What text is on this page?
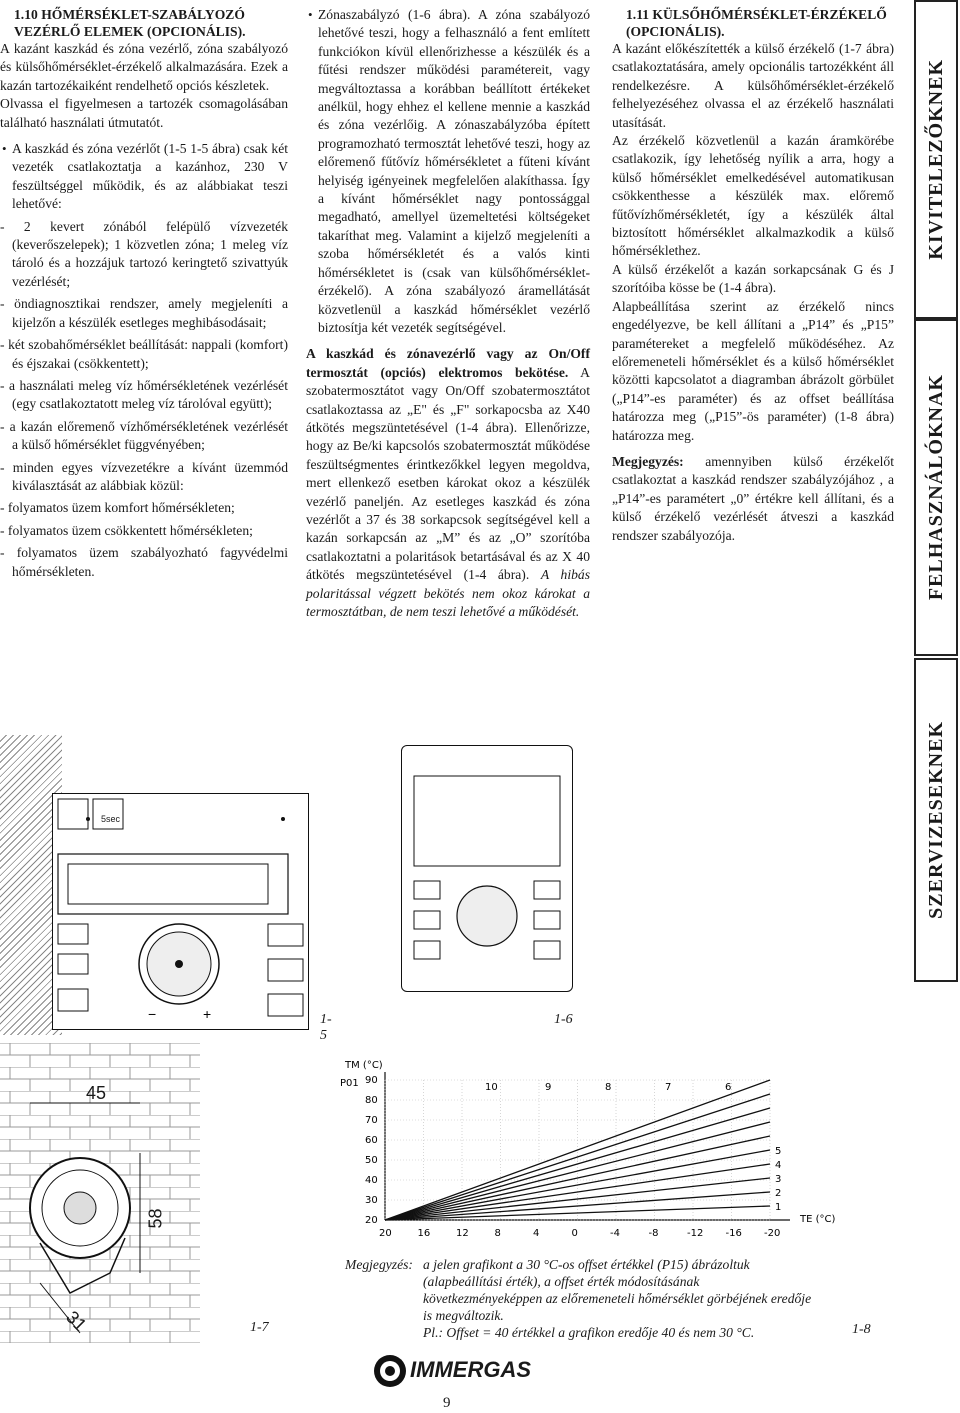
1.10 HŐMÉRSÉKLET-SZABÁLYOZÓ VEZÉRLŐ ELEMEK (OPCIONÁLIS).

A kazánt kaszkád és zóna vezérlő, zóna szabályozó és külsőhőmérséklet-érzékelő alkalmazására. Ezek a kazán tartozékaiként rendelhető opciós készletek.

Olvassa el figyelmesen a tartozék csomagolásában található használati útmutatót.

• A kaszkád és zóna vezérlőt (1-5 1-5 ábra) csak két vezeték csatlakoztatja a kazánhoz, 230 V feszültséggel működik, és az alábbiakat teszi lehetővé:

- 2 kevert zónából felépülő vízvezeték (keverőszelepek); 1 közvetlen zóna; 1 meleg víz tároló és a hozzájuk tartozó keringtető szivattyúk vezérlését;

- öndiagnosztikai rendszer, amely megjeleníti a kijelzőn a készülék esetleges meghibásodásait;

- két szobahőmérséklet beállítását: nappali (komfort) és éjszakai (csökkentett);

- a használati meleg víz hőmérsékletének vezérlését (egy csatlakoztatott meleg víz tárolóval együtt);

- a kazán előremenő vízhőmérsékletének vezérlését a külső hőmérséklet függvényében;

- minden egyes vízvezetékre a kívánt üzemmód kiválasztását az alábbiak közül:

- folyamatos üzem komfort hőmérsékleten;

- folyamatos üzem csökkentett hőmérsékleten;

- folyamatos üzem szabályozható fagyvédelmi hőmérsékleten.

• Zónaszabályzó (1-6 ábra). A zóna szabályozó lehetővé teszi, hogy a felhasználó a fent említett funkciókon kívül ellenőrizhesse a készülék és a fűtési rendszer működési paramétereit, vagy megváltoztassa a korábban beállított értékeket anélkül, hogy ehhez el kellene mennie a kaszkád és zóna vezérlőig. A zónaszabályzóba épített programozható termosztát lehetővé teszi, hogy az előremenő fűtővíz hőmérsékletet a fűteni kívánt helyiség igényeinek megfelelően alakíthassa. Így a kívánt hőmérséklet nagy pontossággal megadható, amellyel üzemeltetési költségeket takaríthat meg. Valamint a kijelző megjeleníti a szoba hőmérsékletét és a valós kinti hőmérsékletet is (csak van külsőhőmérséklet-érzékelő). A zóna szabályozó áramellátását közvetlenül a kaszkád hőmérséklet vezérlő biztosítja két vezeték segítségével.

A kaszkád és zónavezérlő vagy az On/Off termosztát (opciós) elektromos bekötése. A szobatermosztátot vagy On/Off szobatermosztátot csatlakoztassa az „E" és „F" sorkapocsba az X40 átkötés megszüntetésével (1-4 ábra). Ellenőrizze, hogy az Be/ki kapcsolós szobatermosztát működése feszültségmentes érintkezőkkel legyen megoldva, mert ellenkező esetben károkat okoz a készülék vezérlő paneljén. Az esetleges kaszkád és zóna vezérlőt a 37 és 38 sorkapcsok segítségével kell a kazán sorkapcsán az „M” és az „O” szorítóba csatlakoztatni a polaritások betartásával és az X 40 átkötés megszüntetésével (1-4 ábra). A hibás polaritással végzett bekötés nem okoz károkat a termosztátban, de nem teszi lehetővé a működését.

1.11 KÜLSŐHŐMÉRSÉKLET-ÉRZÉKELŐ (OPCIONÁLIS).

A kazánt előkészítették a külső érzékelő (1-7 ábra) csatlakoztatására, amely opcionális tartozékként áll rendelkezésre. A külsőhőmérséklet-érzékelő felhelyezéséhez olvassa el az érzékelő használati utasítását.

Az érzékelő közvetlenül a kazán áramkörébe csatlakozik, így lehetőség nyílik a arra, hogy a külső hőmérséklet emelkedésével automatikusan csökkenthesse a készülék max. előremő fűtővízhőmérsékletét, így a készülék által biztosított hőmérséklet alkalmazkodik a külső hőmérséklethez.

A külső érzékelőt a kazán sorkapcsának G és J szorítóiba kösse be (1-4 ábra).

Alapbeállítása szerint az érzékelő nincs engedélyezve, be kell állítani a „P14” és „P15” paramétereket a megfelelő működéséhez. Az előremeneteli hőmérséklet és a külső hőmérséklet közötti kapcsolatot a diagramban ábrázolt görbület („P14”-es paraméter) és az offset beállítása határozza meg („P15”-ös paraméter) (1-8 ábra) határozza meg.

Megjegyzés: amennyiben külső érzékelőt csatlakoztat a kaszkád rendszer szabályzójához , a „P14”-es paramétert „0” értékre kell állítani, és a külső érzékelő vezérlését átveszi a kaszkád rendszer szabályozója.

KIVITELEZŐKNEK
FELHASZNÁLÓKNAK
SZERVIZESEKNEK
−	+
5sec
1-5
1-6
45
58
31	1-7
90
80
70
60
50
40
30
20
20	16	12	8	4	0	-4	-8	-12 -16 -20
TM (°C)
P01
TE (°C)
10	9	8	7	6
5
4
3
2
1
1-8
Megjegyzés: a jelen grafikont a 30 °C-os offset értékkel (P15) ábrázoltuk (alapbeállítási érték), a offset érték módosításának következményeképpen az előremeneteli hőmérséklet görbéjének eredője is megváltozik.
Pl.: Offset = 40 értékkel a grafikon eredője 40 és nem 30 °C.
IMMERGAS
9
